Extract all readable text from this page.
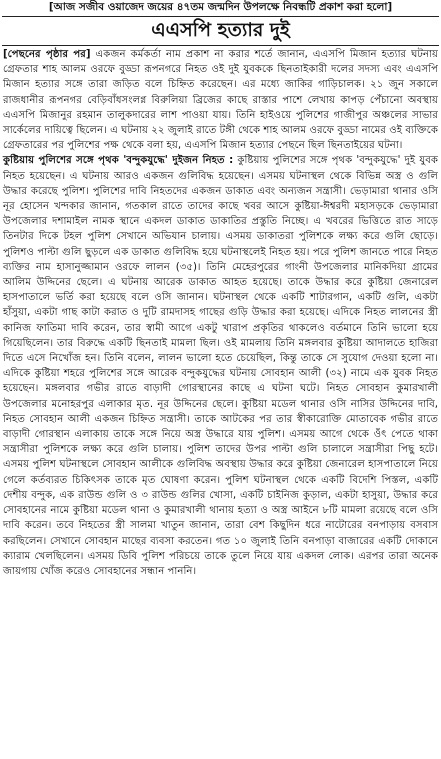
[আজ সজীব ওয়াজেদ জয়ের ৪৭তম জন্মদিন উপলক্ষে নিবন্ধটি প্রকাশ করা হলো]
এএসপি হত্যার দুই

[পেছনের পৃষ্ঠার পর] একজন কর্মকর্তা নাম প্রকাশ না করার শর্তে জানান, এএসপি মিজান হত্যার ঘটনায় গ্রেফতার শাহ আলম ওরফে বুড্ডা রূপনগরে নিহত ওই দুই যুবককে ছিনতাইকারী দলের সদস্য এবং এএসপি মিজান হত্যার সঙ্গে তারা জড়িত বলে চিহ্নিত করেছেন। এর মধ্যে জাকির গাড়িচালক। ২১ জুন সকালে রাজধানীর রূপনগর বেড়িবাঁধসংলগ্ন বিরুলিয়া ব্রিজের কাছে রাস্তার পাশে লেখায় কাপড় পেঁচানো অবস্থায় এএসপি মিজানুর রহমান তালুকদারের লাশ পাওয়া যায়। তিনি হাইওয়ে পুলিশের গাজীপুর অঞ্চলের সাভার সার্কেলের দায়িত্বে ছিলেন। এ ঘটনায় ২২ জুলাই রাতে টঙ্গী থেকে শাহ আলম ওরফে বুড্ডা নামের ওই ব্যক্তিকে গ্রেফতারের পর পুলিশের পক্ষ থেকে বলা হয়, এএসপি মিজান হত্যার পেছনে ছিল ছিনতাইয়ের ঘটনা।

কুষ্টিয়ায় পুলিশের সঙ্গে পৃথক 'বন্দুকযুদ্ধে' দুইজন নিহত : কুষ্টিয়ায় পুলিশের সঙ্গে পৃথক 'বন্দুকযুদ্ধে' দুই যুবক নিহত হয়েছেন। এ ঘটনায় আরও একজন গুলিবিদ্ধ হয়েছেন। এসময় ঘটনাস্থল থেকে বিভিন্ন অস্ত্র ও গুলি উদ্ধার করেছে পুলিশ। পুলিশের দাবি নিহতদের একজন ডাকাত এবং অন্যজন সন্ত্রাসী। ভেড়ামারা থানার ওসি নূর হোসেন খন্দকার জানান, গতকাল রাতে তাদের কাছে খবর আসে কুষ্টিয়া-ঈশ্বরদী মহাসড়কে ভেড়ামারা উপজেলার দশামাইল নামক স্থানে একদল ডাকাত ডাকাতির প্রস্তুতি নিচ্ছে। এ খবরের ভিত্তিতে রাত সাড়ে তিনটার দিকে টহল পুলিশ সেখানে অভিযান চালায়। এসময় ডাকাতরা পুলিশকে লক্ষ্য করে গুলি ছোড়ে। পুলিশও পাল্টা গুলি ছুড়লে এক ডাকাত গুলিবিদ্ধ হয়ে ঘটনাস্থলেই নিহত হয়। পরে পুলিশ জানতে পারে নিহত ব্যক্তির নাম হাসানুজ্জামান ওরফে লালন (৩৫)। তিনি মেহেরপুরের গাংনী উপজেলার মানিকদিয়া গ্রামের আলিম উদ্দিনের ছেলে। এ ঘটনায় আরেক ডাকাত আহত হয়েছে। তাকে উদ্ধার করে কুষ্টিয়া জেনারেল হাসপাতালে ভর্তি করা হয়েছে বলে ওসি জানান। ঘটনাস্থল থেকে একটি শাটারগান, একটি গুলি, একটা হাঁসুয়া, একটা গাছ কাটা করাত ও দুটি রামদাসহ গাছের গুড়ি উদ্ধার করা হয়েছে। এদিকে নিহত লালনের স্ত্রী কানিজ ফাতিমা দাবি করেন, তার স্বামী আগে একটু খারাপ প্রকৃতির থাকলেও বর্তমানে তিনি ভালো হয়ে গিয়েছিলেন। তার বিরুদ্ধে একটি ছিনতাই মামলা ছিল। ওই মামলায় তিনি মঙ্গলবার কুষ্টিয়া আদালতে হাজিরা দিতে এসে নিখোঁজ হন। তিনি বলেন, লালন ভালো হতে চেয়েছিল, কিন্তু তাকে সে সুযোগ দেওয়া হলো না। এদিকে কুষ্টিয়া শহরে পুলিশের সঙ্গে আরেক বন্দুকযুদ্ধের ঘটনায় সোবহান আলী (৩২) নামে এক যুবক নিহত হয়েছেন। মঙ্গলবার গভীর রাতে বাড়াদী গোরস্থানের কাছে এ ঘটনা ঘটে। নিহত সোবহান কুমারখালী উপজেলার মনোহরপুর এলাকার মৃত. নূর উদ্দিনের ছেলে। কুষ্টিয়া মডেল থানার ওসি নাসির উদ্দিনের দাবি, নিহত সোবহান আলী একজন চিহ্নিত সন্ত্রাসী। তাকে আটকের পর তার স্বীকারোক্তি মোতাবেক গভীর রাতে বাড়াদী গোরস্থান এলাকায় তাকে সঙ্গে নিয়ে অস্ত্র উদ্ধারে যায় পুলিশ। এসময় আগে থেকে ওঁৎ পেতে থাকা সন্ত্রাসীরা পুলিশকে লক্ষ্য করে গুলি চালায়। পুলিশ তাদের উপর পাল্টা গুলি চালালে সন্ত্রাসীরা পিছু হটে। এসময় পুলিশ ঘটনাস্থলে সোবহান আলীকে গুলিবিদ্ধ অবস্থায় উদ্ধার করে কুষ্টিয়া জেনারেল হাসপাতালে নিয়ে গেলে কর্তব্যরত চিকিৎসক তাকে মৃত ঘোষণা করেন। পুলিশ ঘটনাস্থল থেকে একটি বিদেশি পিস্তল, একটি দেশীয় বন্দুক, এক রাউন্ড গুলি ও ৩ রাউন্ড গুলির খোসা, একটি চাইনিজ কুড়াল, একটা হাসুয়া, উদ্ধার করে সোবহানের নামে কুষ্টিয়া মডেল থানা ও কুমারখালী থানায় হত্যা ও অস্ত্র আইনে ৮টি মামলা রয়েছে বলে ওসি দাবি করেন। তবে নিহতের স্ত্রী সালমা খাতুন জানান, তারা বেশ কিছুদিন ধরে নাটোরের বনপাড়ায় বসবাস করছিলেন। সেখানে সোবহান মাছের ব্যবসা করতেন। গত ১০ জুলাই তিনি বনপাড়া বাজারের একটি দোকানে ক্যারাম খেলছিলেন। এসময় ডিবি পুলিশ পরিচয়ে তাকে তুলে নিয়ে যায় একদল লোক। এরপর তারা অনেক জায়গায় খোঁজ করেও সোবহানের সন্ধান পাননি।
